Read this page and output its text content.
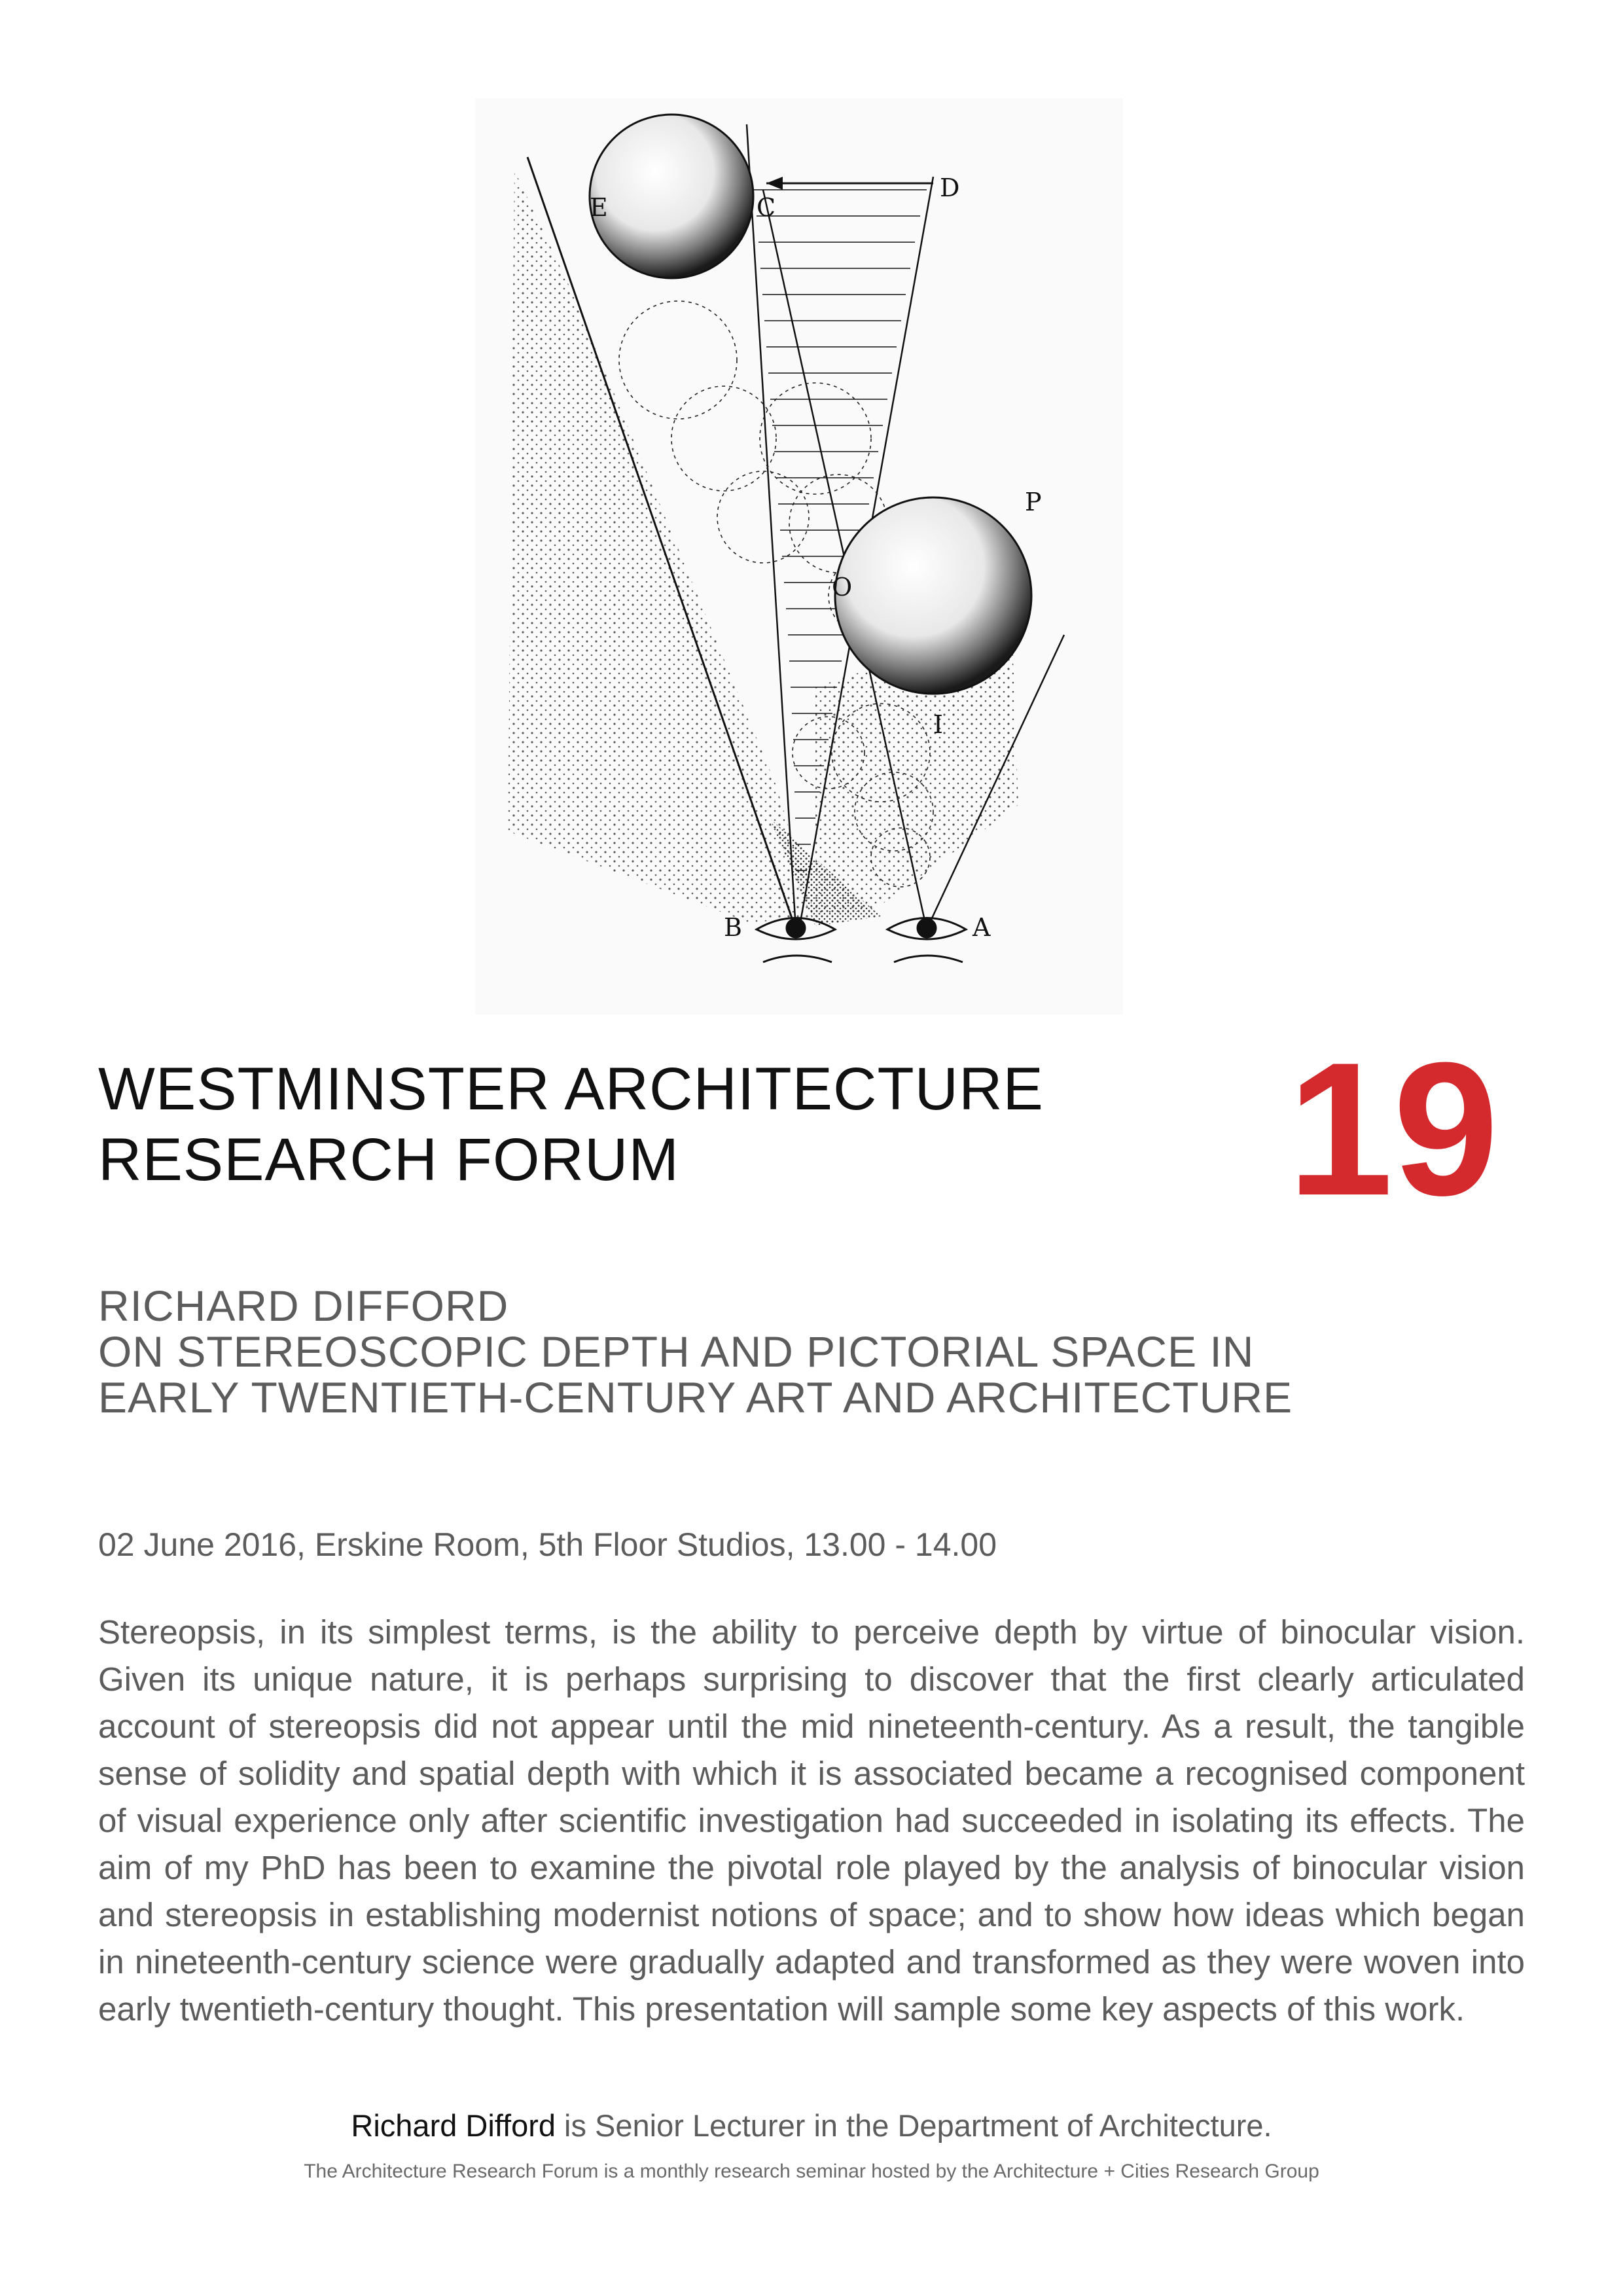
E	C
D
P
O
I
B	A
WESTMINSTER ARCHITECTURE
RESEARCH FORUM	19
RICHARD DIFFORD
ON STEREOSCOPIC DEPTH AND PICTORIAL SPACE IN
EARLY TWENTIETH-CENTURY ART AND ARCHITECTURE

02 June 2016, Erskine Room, 5th Floor Studios, 13.00 - 14.00

Stereopsis, in its simplest terms, is the ability to perceive depth by virtue of binocular vision. Given its unique nature, it is perhaps surprising to discover that the first clearly articulated account of stereopsis did not appear until the mid nineteenth-century. As a result, the tangible sense of solidity and spatial depth with which it is associated became a recognised component of visual experience only after scientific investigation had succeeded in isolating its effects. The aim of my PhD has been to examine the pivotal role played by the analysis of binocular vision and stereopsis in establishing modernist notions of space; and to show how ideas which began in nineteenth-century science were gradually adapted and transformed as they were woven into early twentieth-century thought. This presentation will sample some key aspects of this work.

Richard Difford is Senior Lecturer in the Department of Architecture.

The Architecture Research Forum is a monthly research seminar hosted by the Architecture + Cities Research Group
